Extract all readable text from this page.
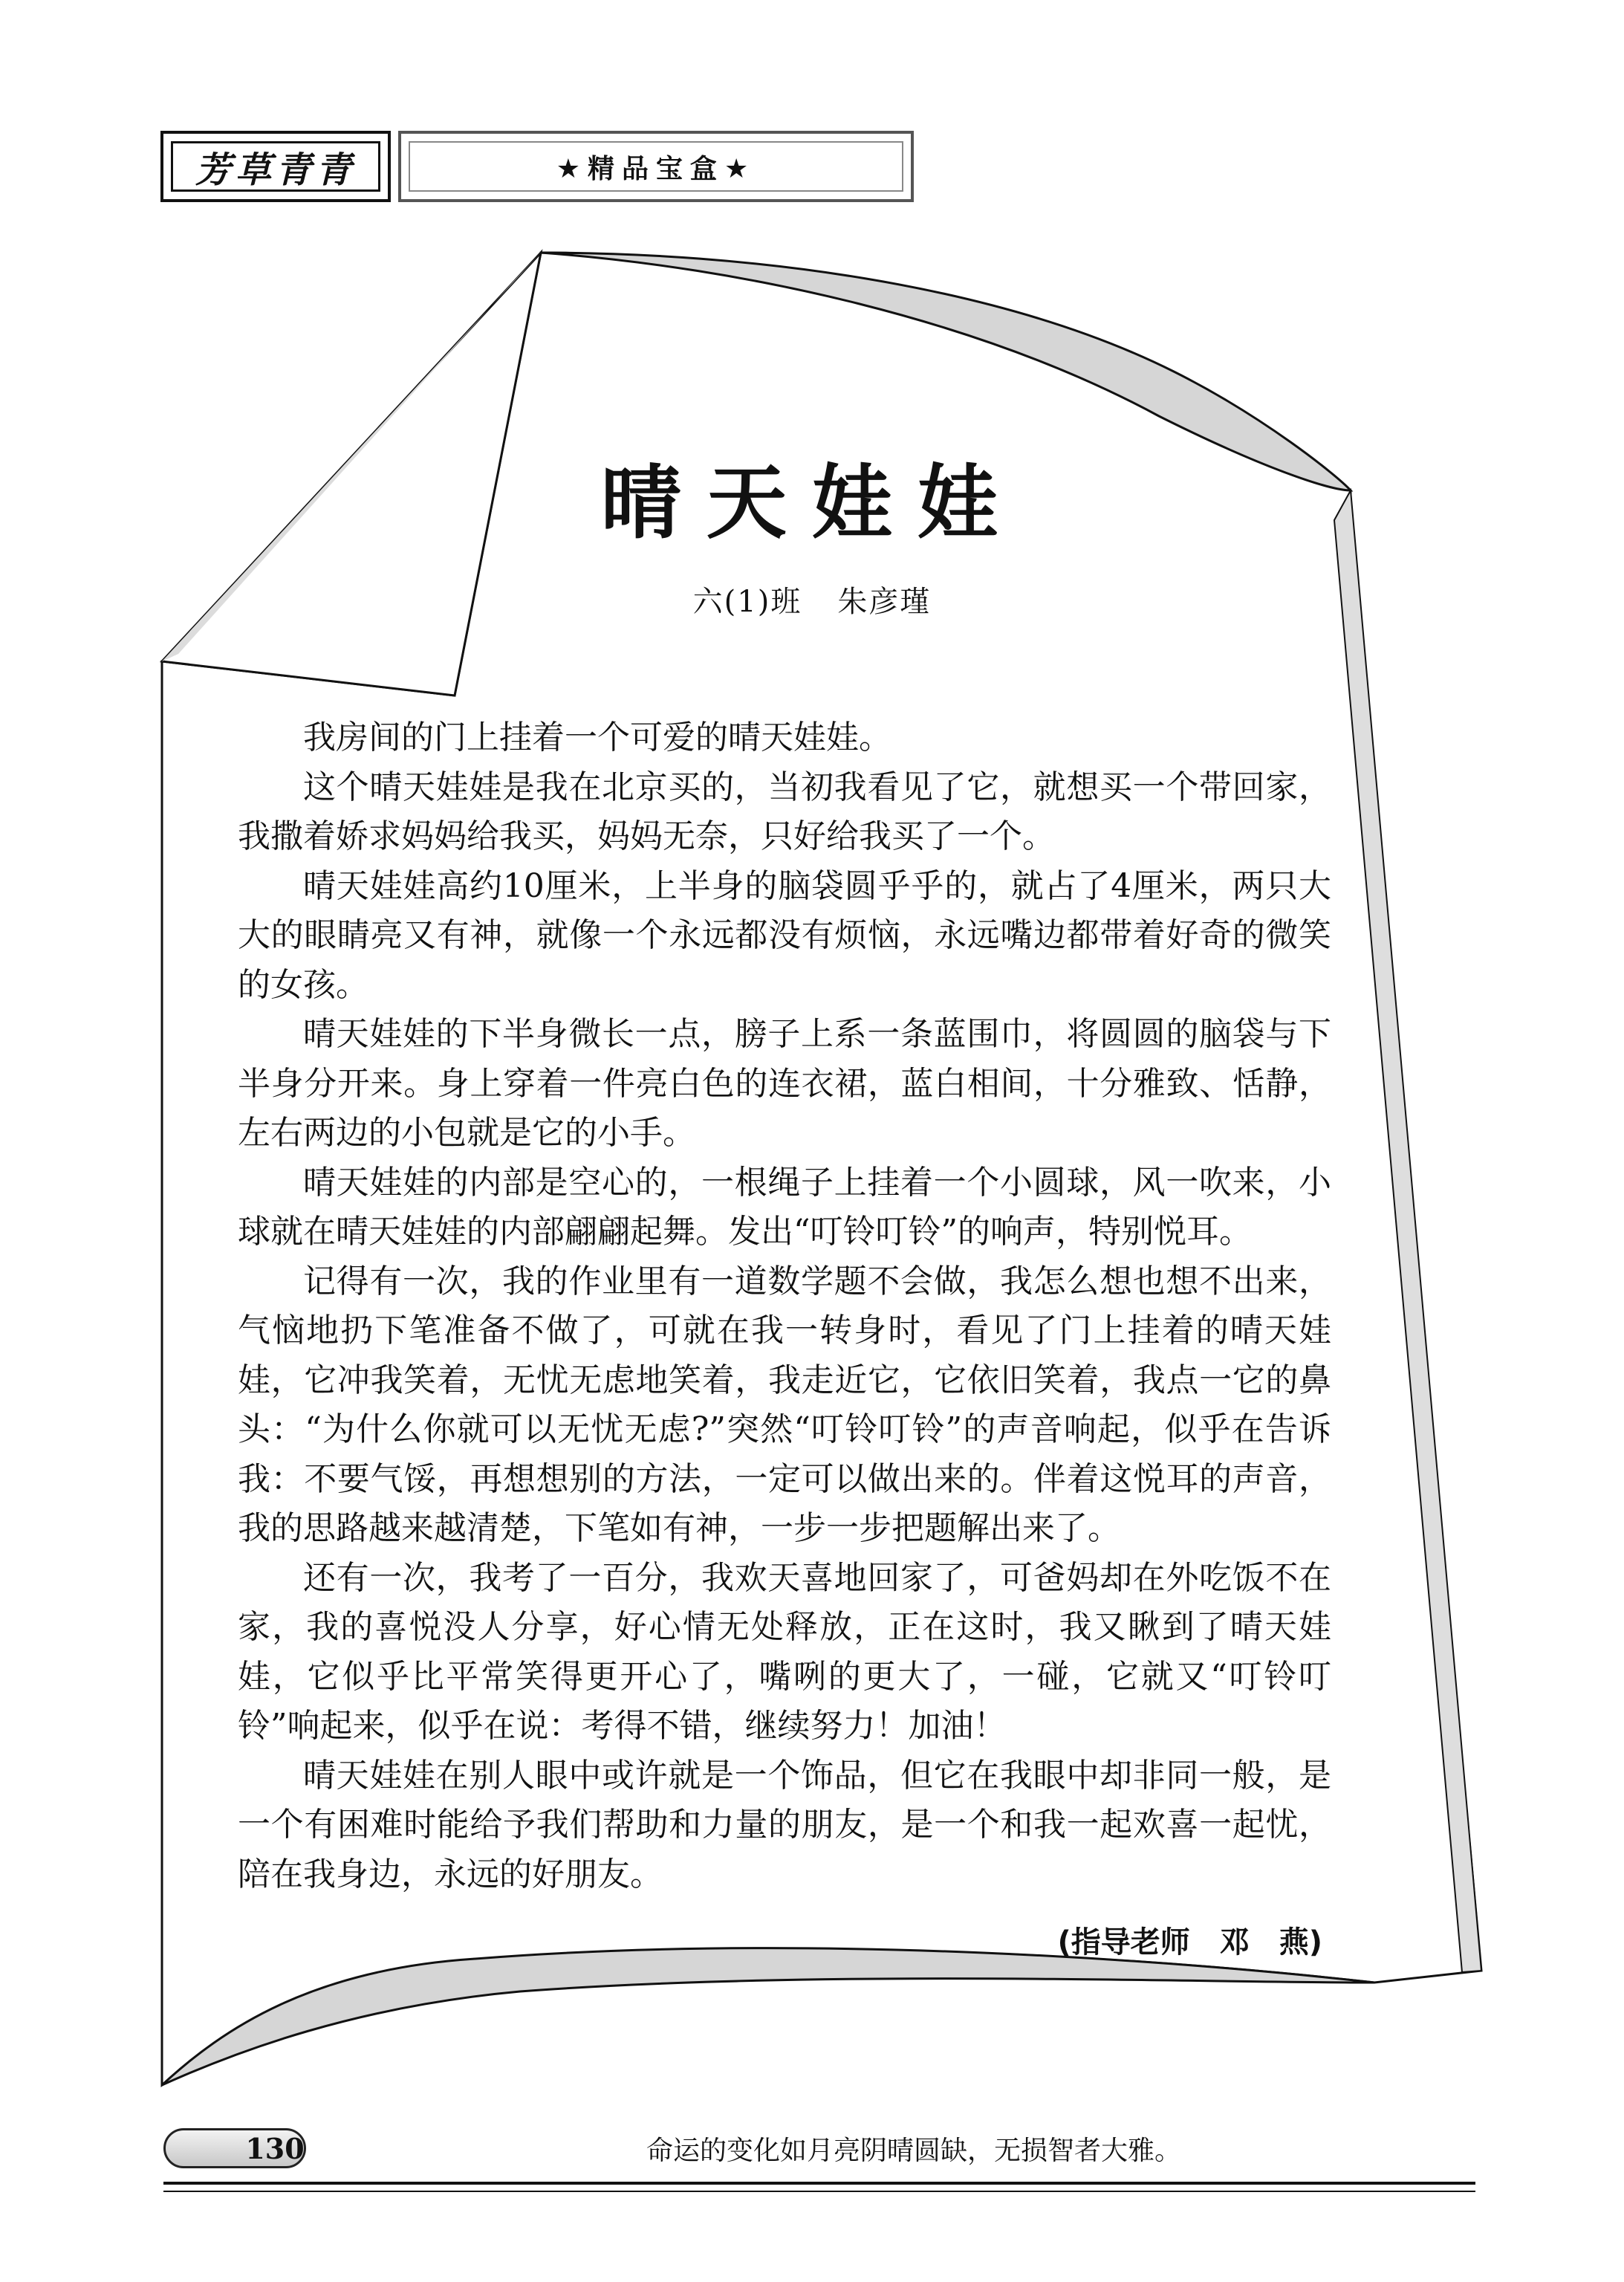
芳草青青	★精品宝盒★
晴天娃娃
六(1)班 朱彦瑾

我房间的门上挂着一个可爱的晴天娃娃。

这个晴天娃娃是我在北京买的，当初我看见了它，就想买一个带回家，我撒着娇求妈妈给我买，妈妈无奈，只好给我买了一个。

晴天娃娃高约10厘米，上半身的脑袋圆乎乎的，就占了4厘米，两只大大的眼睛亮又有神，就像一个永远都没有烦恼，永远嘴边都带着好奇的微笑的女孩。

晴天娃娃的下半身微长一点，膀子上系一条蓝围巾，将圆圆的脑袋与下半身分开来。身上穿着一件亮白色的连衣裙，蓝白相间，十分雅致、恬静，左右两边的小包就是它的小手。

晴天娃娃的内部是空心的，一根绳子上挂着一个小圆球，风一吹来，小球就在晴天娃娃的内部翩翩起舞。发出“叮铃叮铃”的响声，特别悦耳。

记得有一次，我的作业里有一道数学题不会做，我怎么想也想不出来，气恼地扔下笔准备不做了，可就在我一转身时，看见了门上挂着的晴天娃娃，它冲我笑着，无忧无虑地笑着，我走近它，它依旧笑着，我点一它的鼻头：“为什么你就可以无忧无虑?”突然“叮铃叮铃”的声音响起，似乎在告诉我：不要气馁，再想想别的方法，一定可以做出来的。伴着这悦耳的声音，我的思路越来越清楚，下笔如有神，一步一步把题解出来了。

还有一次，我考了一百分，我欢天喜地回家了，可爸妈却在外吃饭不在家，我的喜悦没人分享，好心情无处释放，正在这时，我又瞅到了晴天娃娃，它似乎比平常笑得更开心了，嘴咧的更大了，一碰，它就又“叮铃叮铃”响起来，似乎在说：考得不错，继续努力！加油！

晴天娃娃在别人眼中或许就是一个饰品，但它在我眼中却非同一般，是一个有困难时能给予我们帮助和力量的朋友，是一个和我一起欢喜一起忧，陪在我身边，永远的好朋友。

(指导老师　邓　燕)
130	命运的变化如月亮阴晴圆缺，无损智者大雅。
